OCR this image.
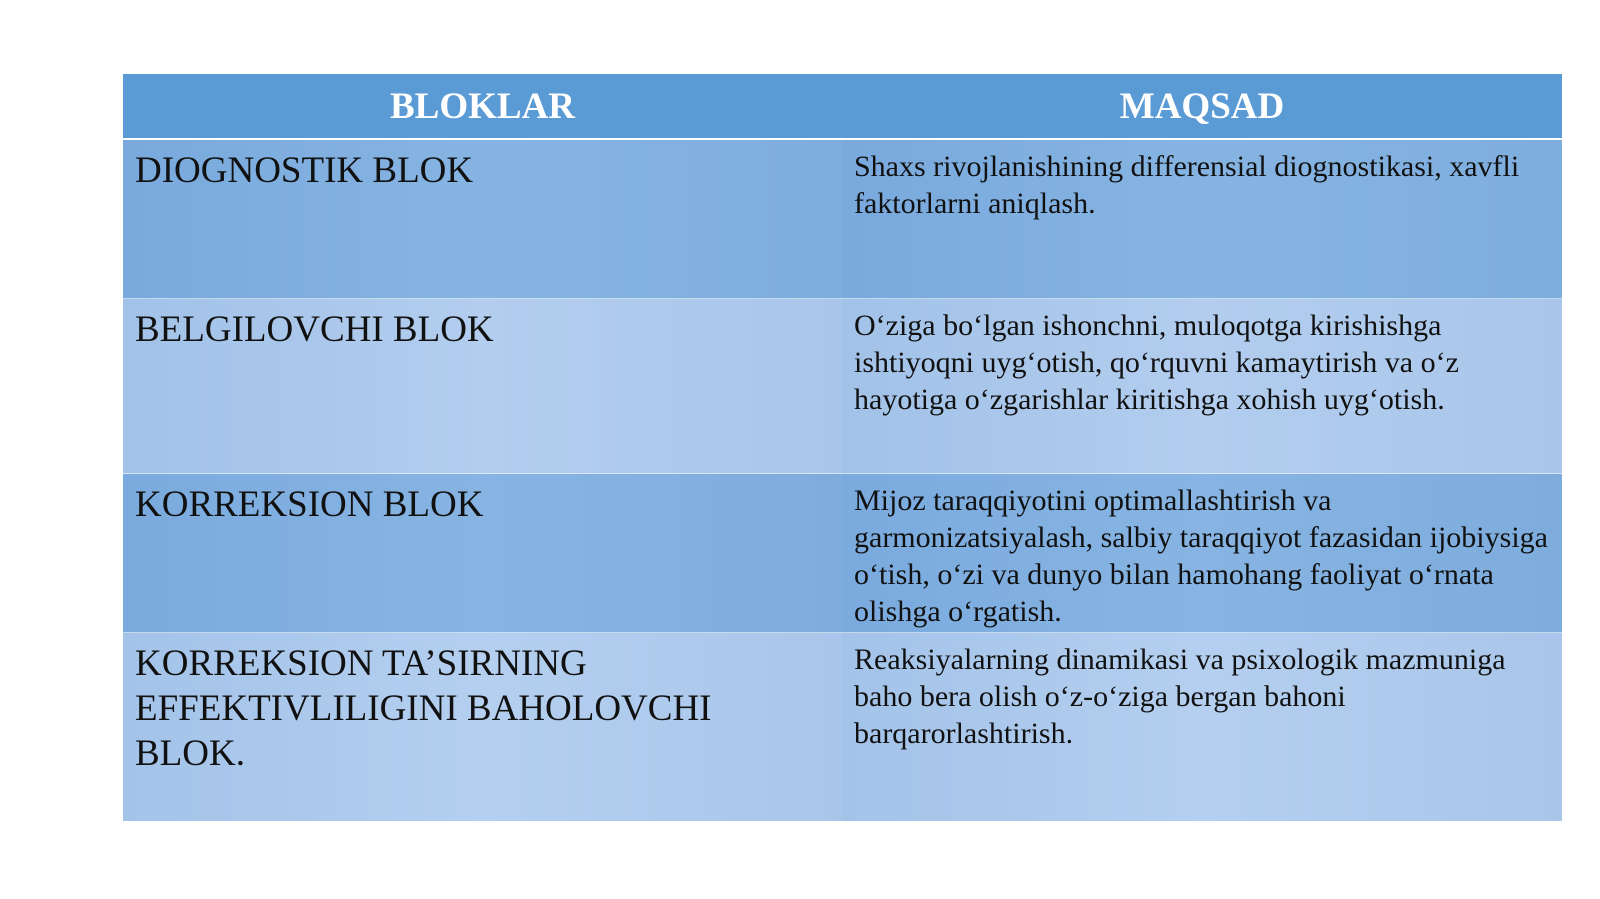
BLOKLAR	MAQSAD
DIOGNOSTIK BLOK	Shaxs rivojlanishining differensial diognostikasi, xavfli faktorlarni aniqlash.
BELGILOVCHI BLOK	O‘ziga bo‘lgan ishonchni, muloqotga kirishishga ishtiyoqni uyg‘otish, qo‘rquvni kamaytirish va o‘z hayotiga o‘zgarishlar kiritishga xohish uyg‘otish.
KORREKSION BLOK	Mijoz taraqqiyotini optimallashtirish va garmonizatsiyalash, salbiy taraqqiyot fazasidan ijobiysiga o‘tish, o‘zi va dunyo bilan hamohang faoliyat o‘rnata olishga o‘rgatish.
KORREKSION TA’SIRNING EFFEKTIVLILIGINI BAHOLOVCHI BLOK.	Reaksiyalarning dinamikasi va psixologik mazmuniga baho bera olish o‘z-o‘ziga bergan bahoni barqarorlashtirish.
